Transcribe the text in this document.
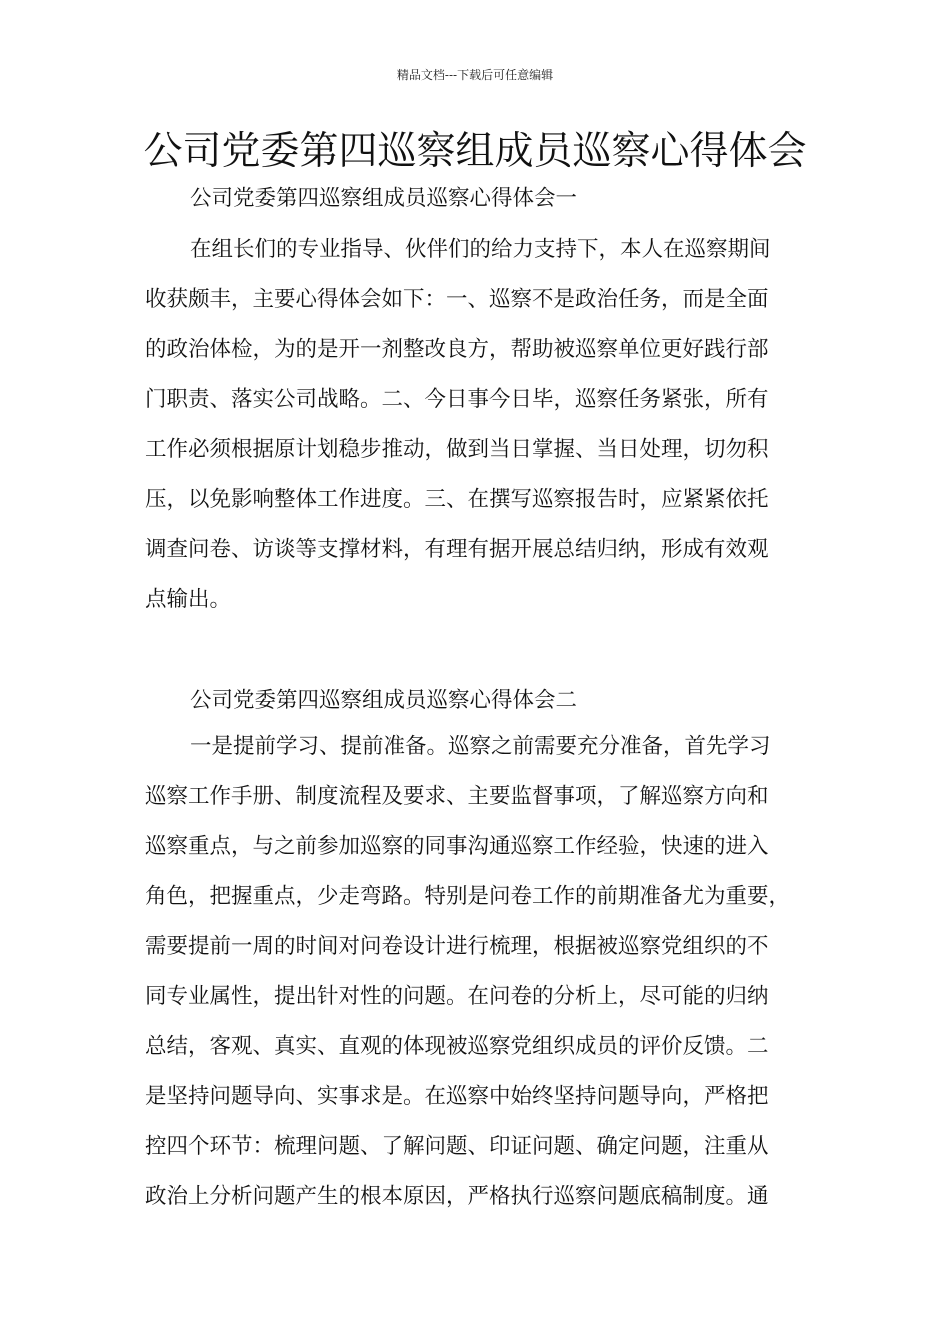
精品文档---下载后可任意编辑
公司党委第四巡察组成员巡察心得体会

公司党委第四巡察组成员巡察心得体会一

在组长们的专业指导、伙伴们的给力支持下，本人在巡察期间
收获颇丰，主要心得体会如下：一、巡察不是政治任务，而是全面
的政治体检，为的是开一剂整改良方，帮助被巡察单位更好践行部
门职责、落实公司战略。二、今日事今日毕，巡察任务紧张，所有
工作必须根据原计划稳步推动，做到当日掌握、当日处理，切勿积
压，以免影响整体工作进度。三、在撰写巡察报告时，应紧紧依托
调查问卷、访谈等支撑材料，有理有据开展总结归纳，形成有效观
点输出。

公司党委第四巡察组成员巡察心得体会二

一是提前学习、提前准备。巡察之前需要充分准备，首先学习
巡察工作手册、制度流程及要求、主要监督事项，了解巡察方向和
巡察重点，与之前参加巡察的同事沟通巡察工作经验，快速的进入
角色，把握重点，少走弯路。特别是问卷工作的前期准备尤为重要，
需要提前一周的时间对问卷设计进行梳理，根据被巡察党组织的不
同专业属性，提出针对性的问题。在问卷的分析上，尽可能的归纳
总结，客观、真实、直观的体现被巡察党组织成员的评价反馈。二
是坚持问题导向、实事求是。在巡察中始终坚持问题导向，严格把
控四个环节：梳理问题、了解问题、印证问题、确定问题，注重从
政治上分析问题产生的根本原因，严格执行巡察问题底稿制度。通
